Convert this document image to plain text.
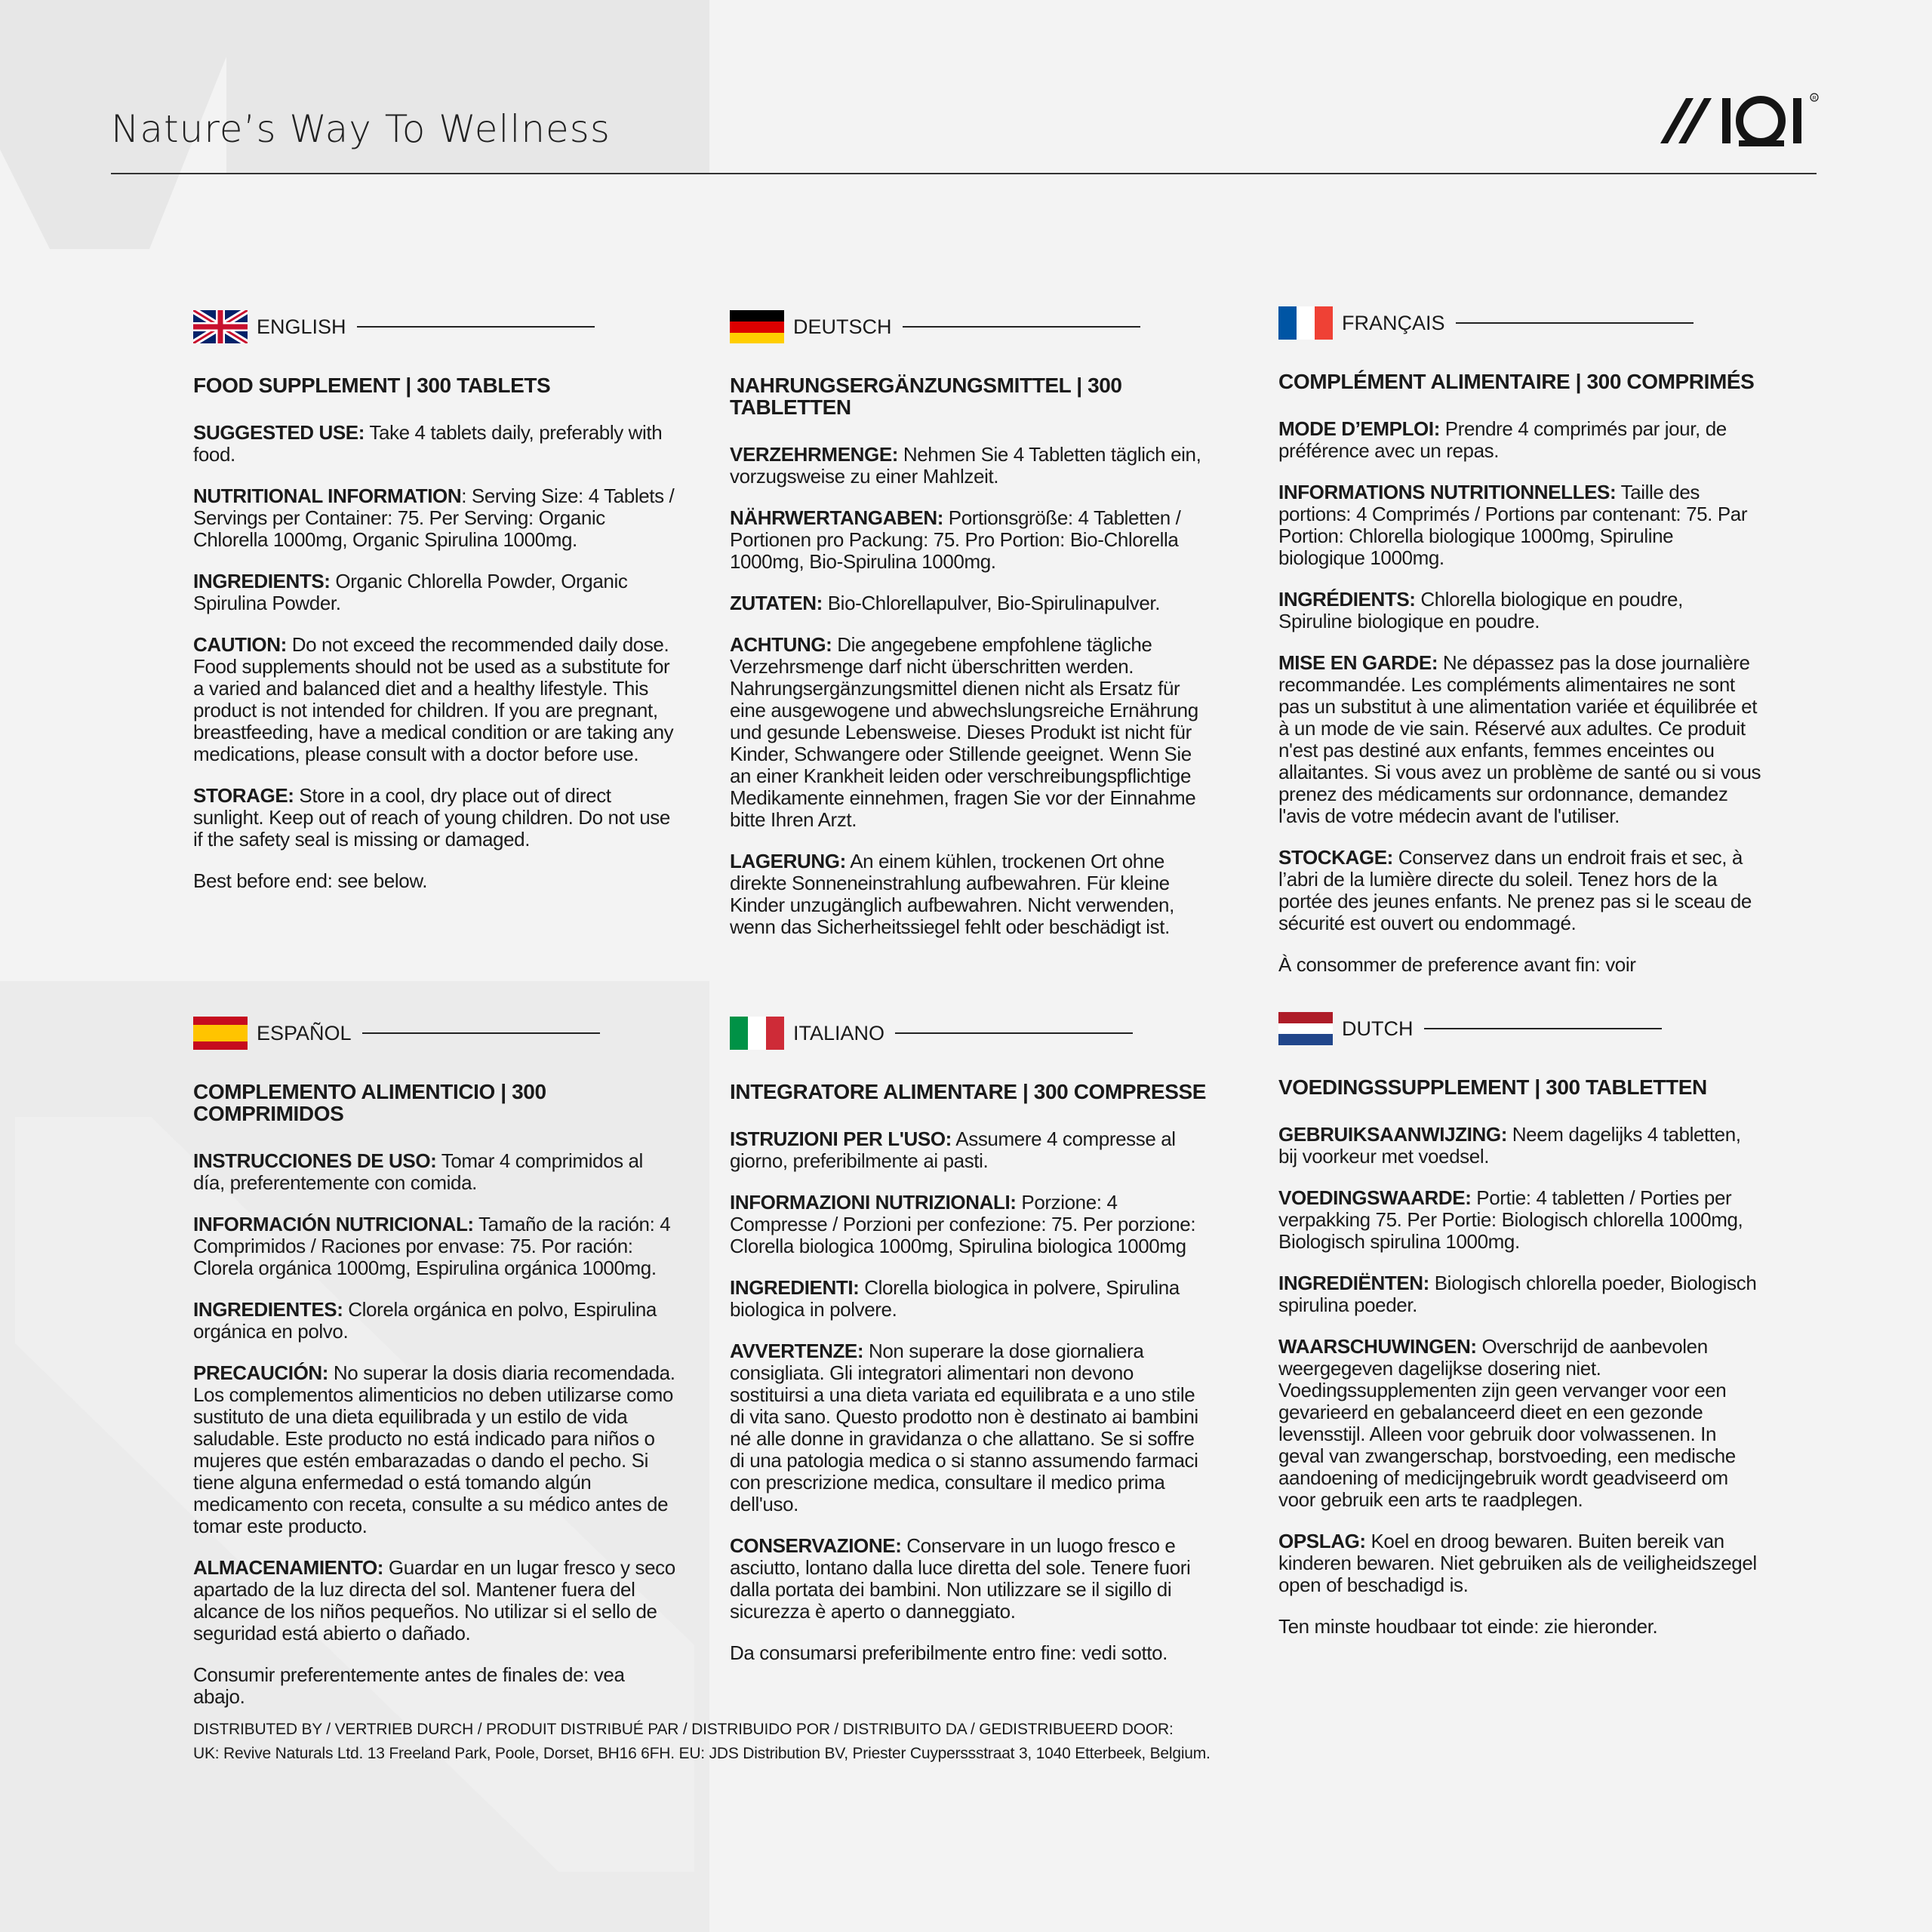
Nature’s Way To Wellness
R
ENGLISH
FOOD SUPPLEMENT | 300 TABLETS

SUGGESTED USE: Take 4 tablets daily, preferably with food.

NUTRITIONAL INFORMATION: Serving Size: 4 Tablets / Servings per Container: 75. Per Serving: Organic Chlorella 1000mg, Organic Spirulina 1000mg.

INGREDIENTS: Organic Chlorella Powder, Organic Spirulina Powder.

CAUTION: Do not exceed the recommended daily dose. Food supplements should not be used as a substitute for a varied and balanced diet and a healthy lifestyle. This product is not intended for children. If you are pregnant, breastfeeding, have a medical condition or are taking any medications, please consult with a doctor before use.

STORAGE: Store in a cool, dry place out of direct sunlight. Keep out of reach of young children. Do not use if the safety seal is missing or damaged.

Best before end: see below.

DEUTSCH
NAHRUNGSERGÄNZUNGSMITTEL | 300 TABLETTEN

VERZEHRMENGE: Nehmen Sie 4 Tabletten täglich ein, vorzugsweise zu einer Mahlzeit.

NÄHRWERTANGABEN: Portionsgröße: 4 Tabletten / Portionen pro Packung: 75. Pro Portion: Bio-Chlorella 1000mg, Bio-Spirulina 1000mg.

ZUTATEN: Bio-Chlorellapulver, Bio-Spirulinapulver.

ACHTUNG: Die angegebene empfohlene tägliche Verzehrsmenge darf nicht überschritten werden. Nahrungsergänzungsmittel dienen nicht als Ersatz für eine ausgewogene und abwechslungsreiche Ernährung und gesunde Lebensweise. Dieses Produkt ist nicht für Kinder, Schwangere oder Stillende geeignet. Wenn Sie an einer Krankheit leiden oder verschreibungspflichtige Medikamente einnehmen, fragen Sie vor der Einnahme bitte Ihren Arzt.

LAGERUNG: An einem kühlen, trockenen Ort ohne direkte Sonneneinstrahlung aufbewahren. Für kleine Kinder unzugänglich aufbewahren. Nicht verwenden, wenn das Sicherheitssiegel fehlt oder beschädigt ist.

FRANÇAIS
COMPLÉMENT ALIMENTAIRE | 300 COMPRIMÉS

MODE D’EMPLOI: Prendre 4 comprimés par jour, de préférence avec un repas.

INFORMATIONS NUTRITIONNELLES: Taille des portions: 4 Comprimés / Portions par contenant: 75. Par Portion: Chlorella biologique 1000mg, Spiruline biologique 1000mg.

INGRÉDIENTS: Chlorella biologique en poudre, Spiruline biologique en poudre.

MISE EN GARDE: Ne dépassez pas la dose journalière recommandée. Les compléments alimentaires ne sont pas un substitut à une alimentation variée et équilibrée et à un mode de vie sain. Réservé aux adultes. Ce produit n'est pas destiné aux enfants, femmes enceintes ou allaitantes. Si vous avez un problème de santé ou si vous prenez des médicaments sur ordonnance, demandez l'avis de votre médecin avant de l'utiliser.

STOCKAGE: Conservez dans un endroit frais et sec, à l’abri de la lumière directe du soleil. Tenez hors de la portée des jeunes enfants. Ne prenez pas si le sceau de sécurité est ouvert ou endommagé.

À consommer de preference avant fin: voir

ESPAÑOL
COMPLEMENTO ALIMENTICIO | 300 COMPRIMIDOS

INSTRUCCIONES DE USO: Tomar 4 comprimidos al día, preferentemente con comida.

INFORMACIÓN NUTRICIONAL: Tamaño de la ración: 4 Comprimidos / Raciones por envase: 75. Por ración: Clorela orgánica 1000mg, Espirulina orgánica 1000mg.

INGREDIENTES: Clorela orgánica en polvo, Espirulina orgánica en polvo.

PRECAUCIÓN: No superar la dosis diaria recomendada. Los complementos alimenticios no deben utilizarse como sustituto de una dieta equilibrada y un estilo de vida saludable. Este producto no está indicado para niños o mujeres que estén embarazadas o dando el pecho. Si tiene alguna enfermedad o está tomando algún medicamento con receta, consulte a su médico antes de tomar este producto.

ALMACENAMIENTO: Guardar en un lugar fresco y seco apartado de la luz directa del sol. Mantener fuera del alcance de los niños pequeños. No utilizar si el sello de seguridad está abierto o dañado.

Consumir preferentemente antes de finales de: vea abajo.

ITALIANO
INTEGRATORE ALIMENTARE | 300 COMPRESSE

ISTRUZIONI PER L'USO: Assumere 4 compresse al giorno, preferibilmente ai pasti.

INFORMAZIONI NUTRIZIONALI: Porzione: 4 Compresse / Porzioni per confezione: 75. Per porzione: Clorella biologica 1000mg, Spirulina biologica 1000mg

INGREDIENTI: Clorella biologica in polvere, Spirulina biologica in polvere.

AVVERTENZE: Non superare la dose giornaliera consigliata. Gli integratori alimentari non devono sostituirsi a una dieta variata ed equilibrata e a uno stile di vita sano. Questo prodotto non è destinato ai bambini né alle donne in gravidanza o che allattano. Se si soffre di una patologia medica o si stanno assumendo farmaci con prescrizione medica, consultare il medico prima dell'uso.

CONSERVAZIONE: Conservare in un luogo fresco e asciutto, lontano dalla luce diretta del sole. Tenere fuori dalla portata dei bambini. Non utilizzare se il sigillo di sicurezza è aperto o danneggiato.

Da consumarsi preferibilmente entro fine: vedi sotto.

DUTCH
VOEDINGSSUPPLEMENT | 300 TABLETTEN

GEBRUIKSAANWIJZING: Neem dagelijks 4 tabletten, bij voorkeur met voedsel.

VOEDINGSWAARDE: Portie: 4 tabletten / Porties per verpakking 75. Per Portie: Biologisch chlorella 1000mg, Biologisch spirulina 1000mg.

INGREDIËNTEN: Biologisch chlorella poeder, Biologisch spirulina poeder.

WAARSCHUWINGEN: Overschrijd de aanbevolen weergegeven dagelijkse dosering niet. Voedingssupplementen zijn geen vervanger voor een gevarieerd en gebalanceerd dieet en een gezonde levensstijl. Alleen voor gebruik door volwassenen. In geval van zwangerschap, borstvoeding, een medische aandoening of medicijngebruik wordt geadviseerd om voor gebruik een arts te raadplegen.

OPSLAG: Koel en droog bewaren. Buiten bereik van kinderen bewaren. Niet gebruiken als de veiligheidszegel open of beschadigd is.

Ten minste houdbaar tot einde: zie hieronder.

DISTRIBUTED BY / VERTRIEB DURCH / PRODUIT DISTRIBUÉ PAR / DISTRIBUIDO POR / DISTRIBUITO DA / GEDISTRIBUEERD DOOR:
UK: Revive Naturals Ltd. 13 Freeland Park, Poole, Dorset, BH16 6FH. EU: JDS Distribution BV, Priester Cuyperssstraat 3, 1040 Etterbeek, Belgium.
